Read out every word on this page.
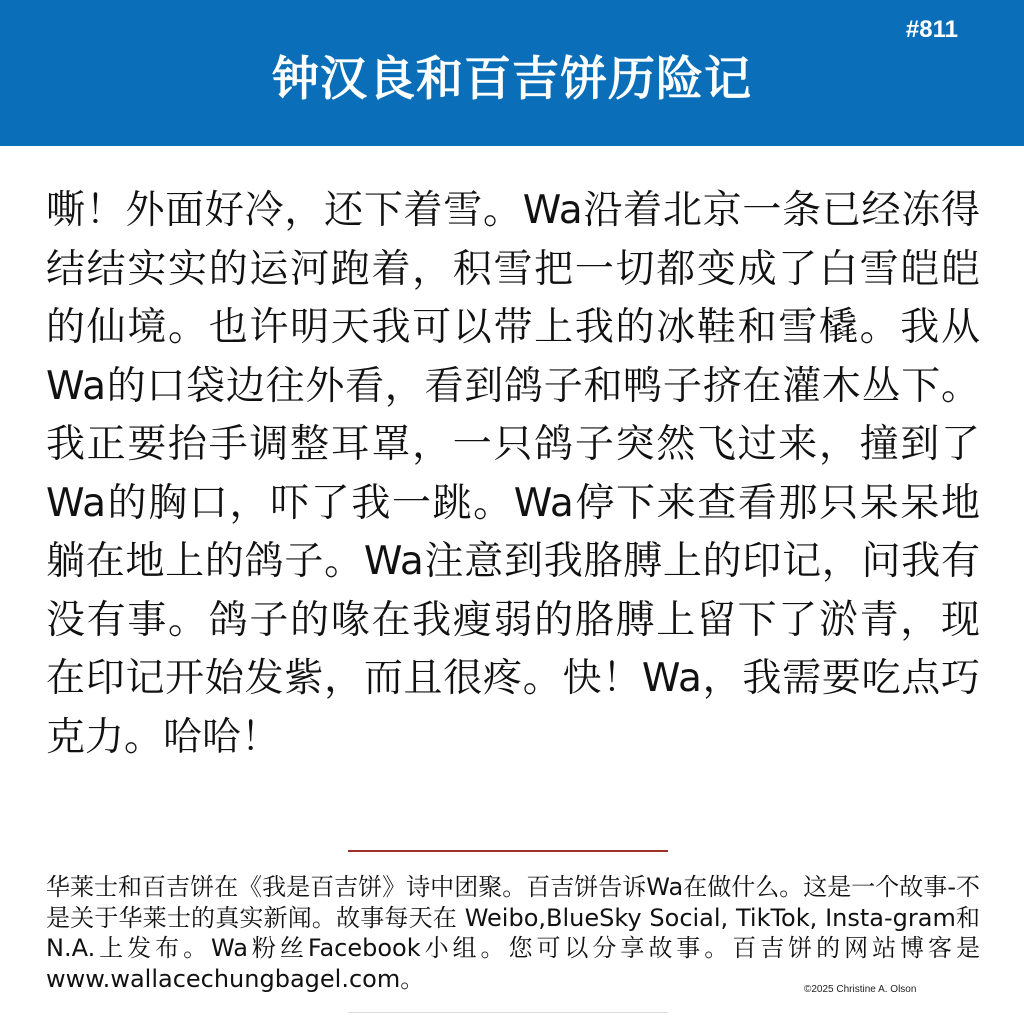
#811
钟汉良和百吉饼历险记
嘶！外面好冷，还下着雪。Wa沿着北京一条已经冻得结结实实的运河跑着，积雪把一切都变成了白雪皑皑的仙境。也许明天我可以带上我的冰鞋和雪橇。我从Wa的口袋边往外看，看到鸽子和鸭子挤在灌木丛下。我正要抬手调整耳罩，一只鸽子突然飞过来，撞到了Wa的胸口，吓了我一跳。Wa停下来查看那只呆呆地躺在地上的鸽子。Wa注意到我胳膊上的印记，问我有没有事。鸽子的喙在我瘦弱的胳膊上留下了淤青，现在印记开始发紫，而且很疼。快！Wa，我需要吃点巧克力。哈哈！
华莱士和百吉饼在《我是百吉饼》诗中团聚。百吉饼告诉Wa在做什么。这是一个故事-不是关于华莱士的真实新闻。故事每天在 Weibo,BlueSky Social, TikTok, Insta-gram和N.A.上发布。Wa粉丝Facebook小组。您可以分享故事。百吉饼的网站博客是www.wallacechungbagel.com。	©2025 Christine A. Olson
